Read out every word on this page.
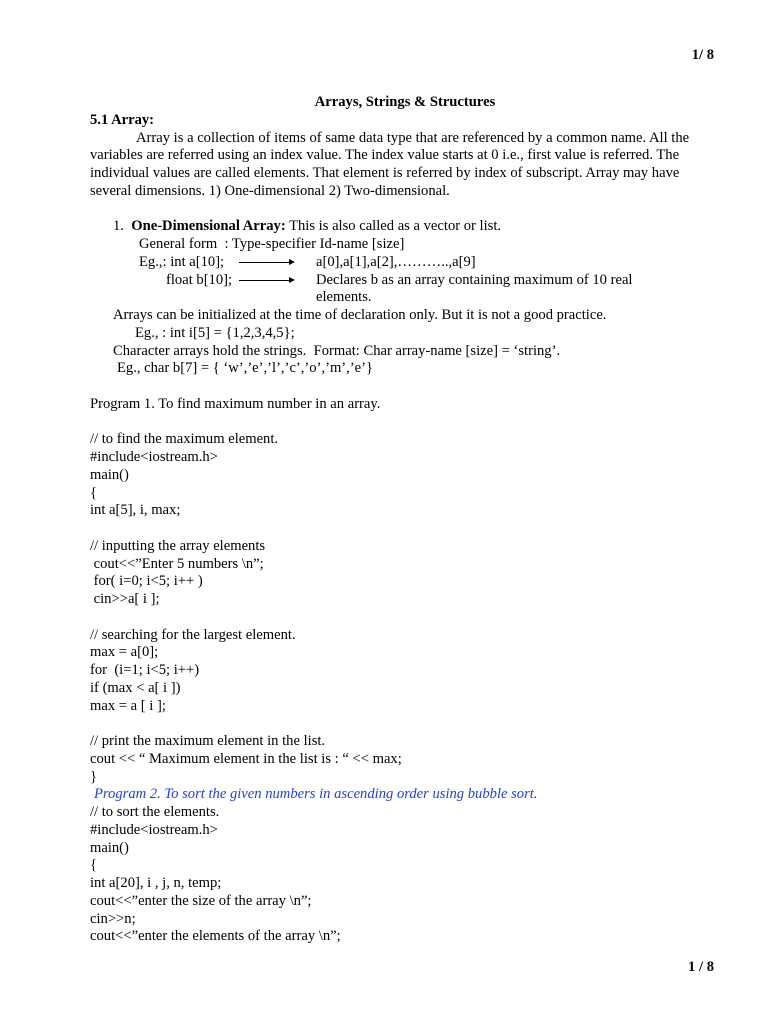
1/ 8
Arrays, Strings & Structures
5.1 Array:

Array is a collection of items of same data type that are referenced by a common name. All the variables are referred using an index value. The index value starts at 0 i.e., first value is referred. The individual values are called elements. That element is referred by index of subscript. Array may have several dimensions. 1) One-dimensional 2) Two-dimensional.

1. One-Dimensional Array: This is also called as a vector or list.
General form  : Type-specifier Id-name [size]
Eg.,: int a[10];	a[0],a[1],a[2],………..,a[9]
float b[10];	Declares b as an array containing maximum of 10 real elements.
Arrays can be initialized at the time of declaration only. But it is not a good practice.
Eg., : int i[5] = {1,2,3,4,5};
Character arrays hold the strings.  Format: Char array-name [size] = ‘string’.
Eg., char b[7] = { ‘w’,’e’,’l’,’c’,’o’,’m’,’e’}
Program 1. To find maximum number in an array.
// to find the maximum element.
#include<iostream.h>
main()
{
int a[5], i, max;
// inputting the array elements
cout<<”Enter 5 numbers \n”;
for( i=0; i<5; i++ )
cin>>a[ i ];
// searching for the largest element.
max = a[0];
for  (i=1; i<5; i++)
if (max < a[ i ])
max = a [ i ];
// print the maximum element in the list.
cout << “ Maximum element in the list is : “ << max;
}
Program 2. To sort the given numbers in ascending order using bubble sort.
// to sort the elements.
#include<iostream.h>
main()
{
int a[20], i , j, n, temp;
cout<<”enter the size of the array \n”;
cin>>n;
cout<<”enter the elements of the array \n”;
1 / 8
